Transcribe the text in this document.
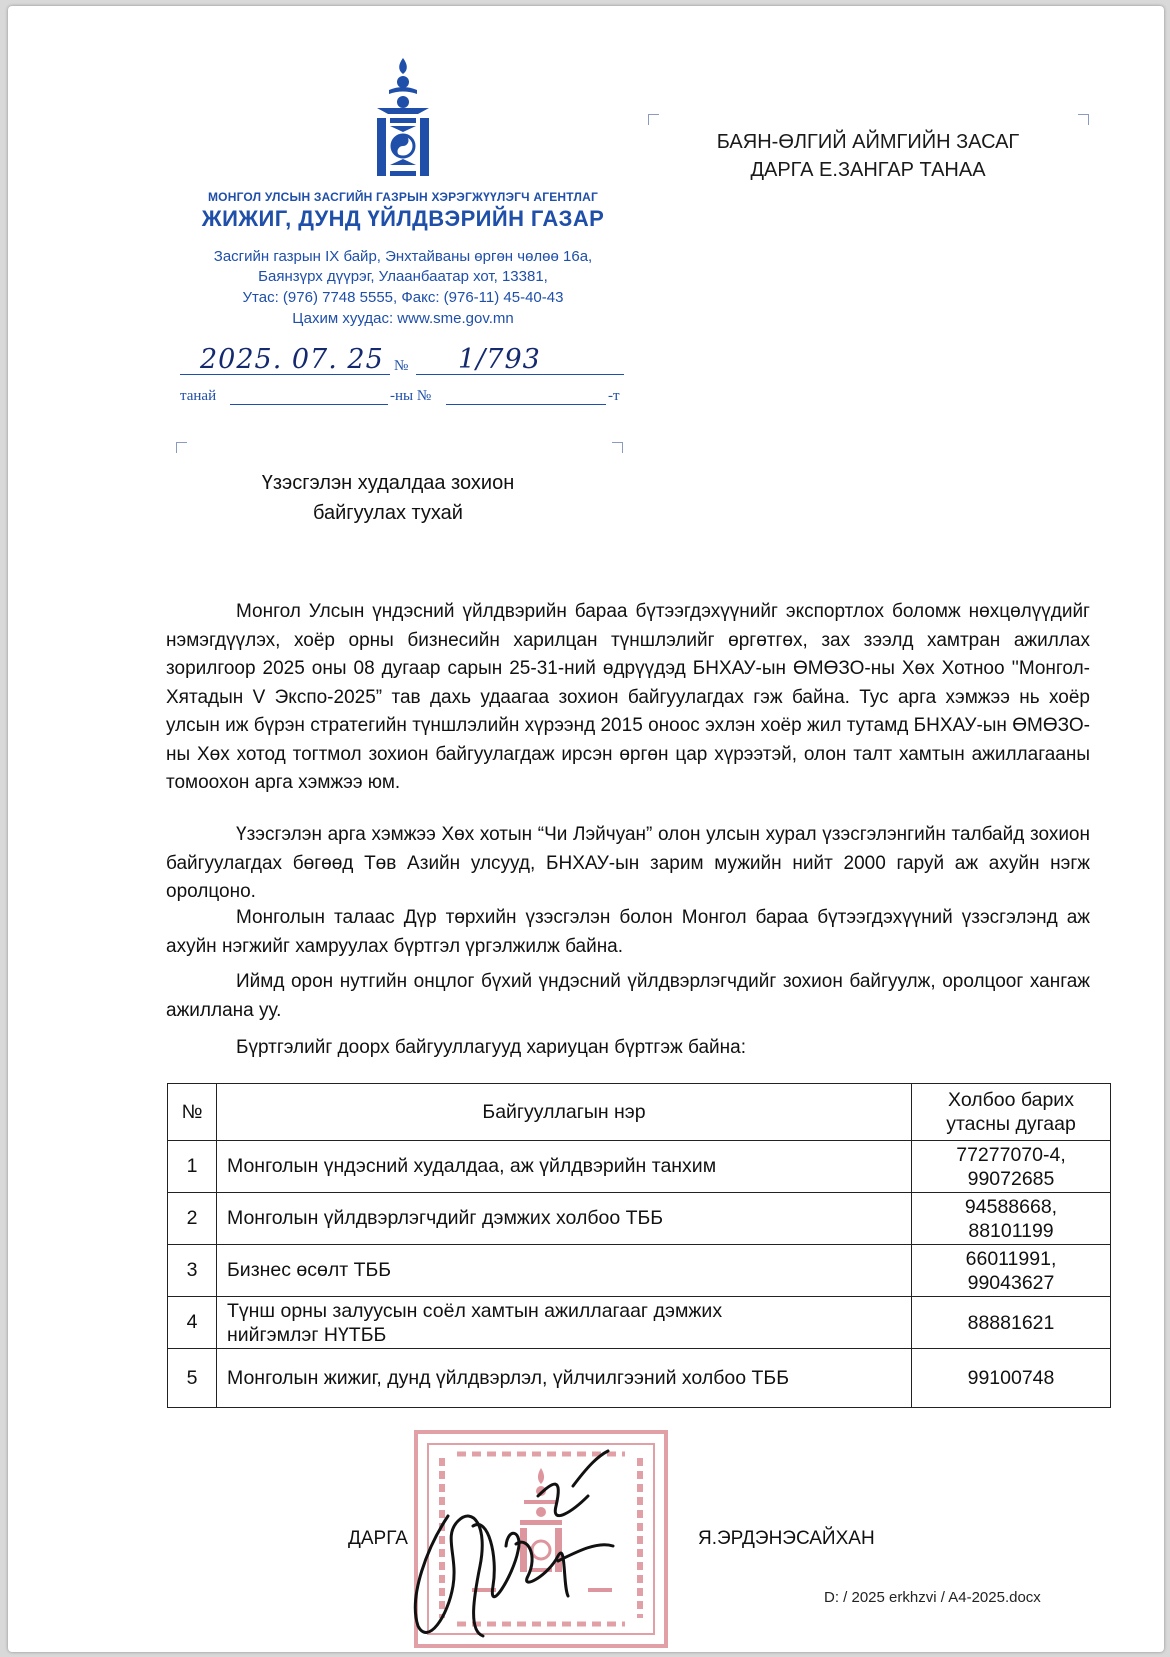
МОНГОЛ УЛСЫН ЗАСГИЙН ГАЗРЫН ХЭРЭГЖҮҮЛЭГЧ АГЕНТЛАГ
ЖИЖИГ, ДУНД ҮЙЛДВЭРИЙН ГАЗАР
Засгийн газрын IX байр, Энхтайваны өргөн чөлөө 16а,
Баянзүрх дүүрэг, Улаанбаатар хот, 13381,
Утас: (976) 7748 5555, Факс: (976-11) 45-40-43
Цахим хуудас: www.sme.gov.mn
2025. 07. 25 № 1/793
танай	-ны №	-т
БАЯН-ӨЛГИЙ АЙМГИЙН ЗАСАГ
ДАРГА Е.ЗАНГАР ТАНАА
Үзэсгэлэн худалдаа зохион
байгуулах тухай

Монгол Улсын үндэсний үйлдвэрийн бараа бүтээгдэхүүнийг экспортлох боломж нөхцөлүүдийг нэмэгдүүлэх, хоёр орны бизнесийн харилцан түншлэлийг өргөтгөх, зах зээлд хамтран ажиллах зорилгоор 2025 оны 08 дугаар сарын 25-31-ний өдрүүдэд БНХАУ-ын ӨМӨЗО-ны Хөх Хотноо ''Монгол-Хятадын V Экспо-2025” тав дахь удаагаа зохион байгуулагдах гэж байна. Тус арга хэмжээ нь хоёр улсын иж бүрэн стратегийн түншлэлийн хүрээнд 2015 оноос эхлэн хоёр жил тутамд БНХАУ-ын ӨМӨЗО-ны Хөх хотод тогтмол зохион байгуулагдаж ирсэн өргөн цар хүрээтэй, олон талт хамтын ажиллагааны томоохон арга хэмжээ юм.

Үзэсгэлэн арга хэмжээ Хөх хотын “Чи Лэйчуан” олон улсын хурал үзэсгэлэнгийн талбайд зохион байгуулагдах бөгөөд Төв Азийн улсууд, БНХАУ-ын зарим мужийн нийт 2000 гаруй аж ахуйн нэгж оролцоно.

Монголын талаас Дүр төрхийн үзэсгэлэн болон Монгол бараа бүтээгдэхүүний үзэсгэлэнд аж ахуйн нэгжийг хамруулах бүртгэл үргэлжилж байна.

Иймд орон нутгийн онцлог бүхий үндэсний үйлдвэрлэгчдийг зохион байгуулж, оролцоог хангаж ажиллана уу.

Бүртгэлийг доорх байгууллагууд хариуцан бүртгэж байна:

№	Байгууллагын нэр	Холбоо барих
утасны дугаар

1	Монголын үндэсний худалдаа, аж үйлдвэрийн танхим	77277070-4,
99072685

2	Монголын үйлдвэрлэгчдийг дэмжих холбоо ТББ	94588668,
88101199

3	Бизнес өсөлт ТББ	66011991,
99043627

4	Түнш орны залуусын соёл хамтын ажиллагааг дэмжих
нийгэмлэг НҮТББ	88881621

5	Монголын жижиг, дунд үйлдвэрлэл, үйлчилгээний холбоо ТББ	99100748
ДАРГА	Я.ЭРДЭНЭСАЙХАН
D: / 2025 erkhzvi / A4-2025.docx
